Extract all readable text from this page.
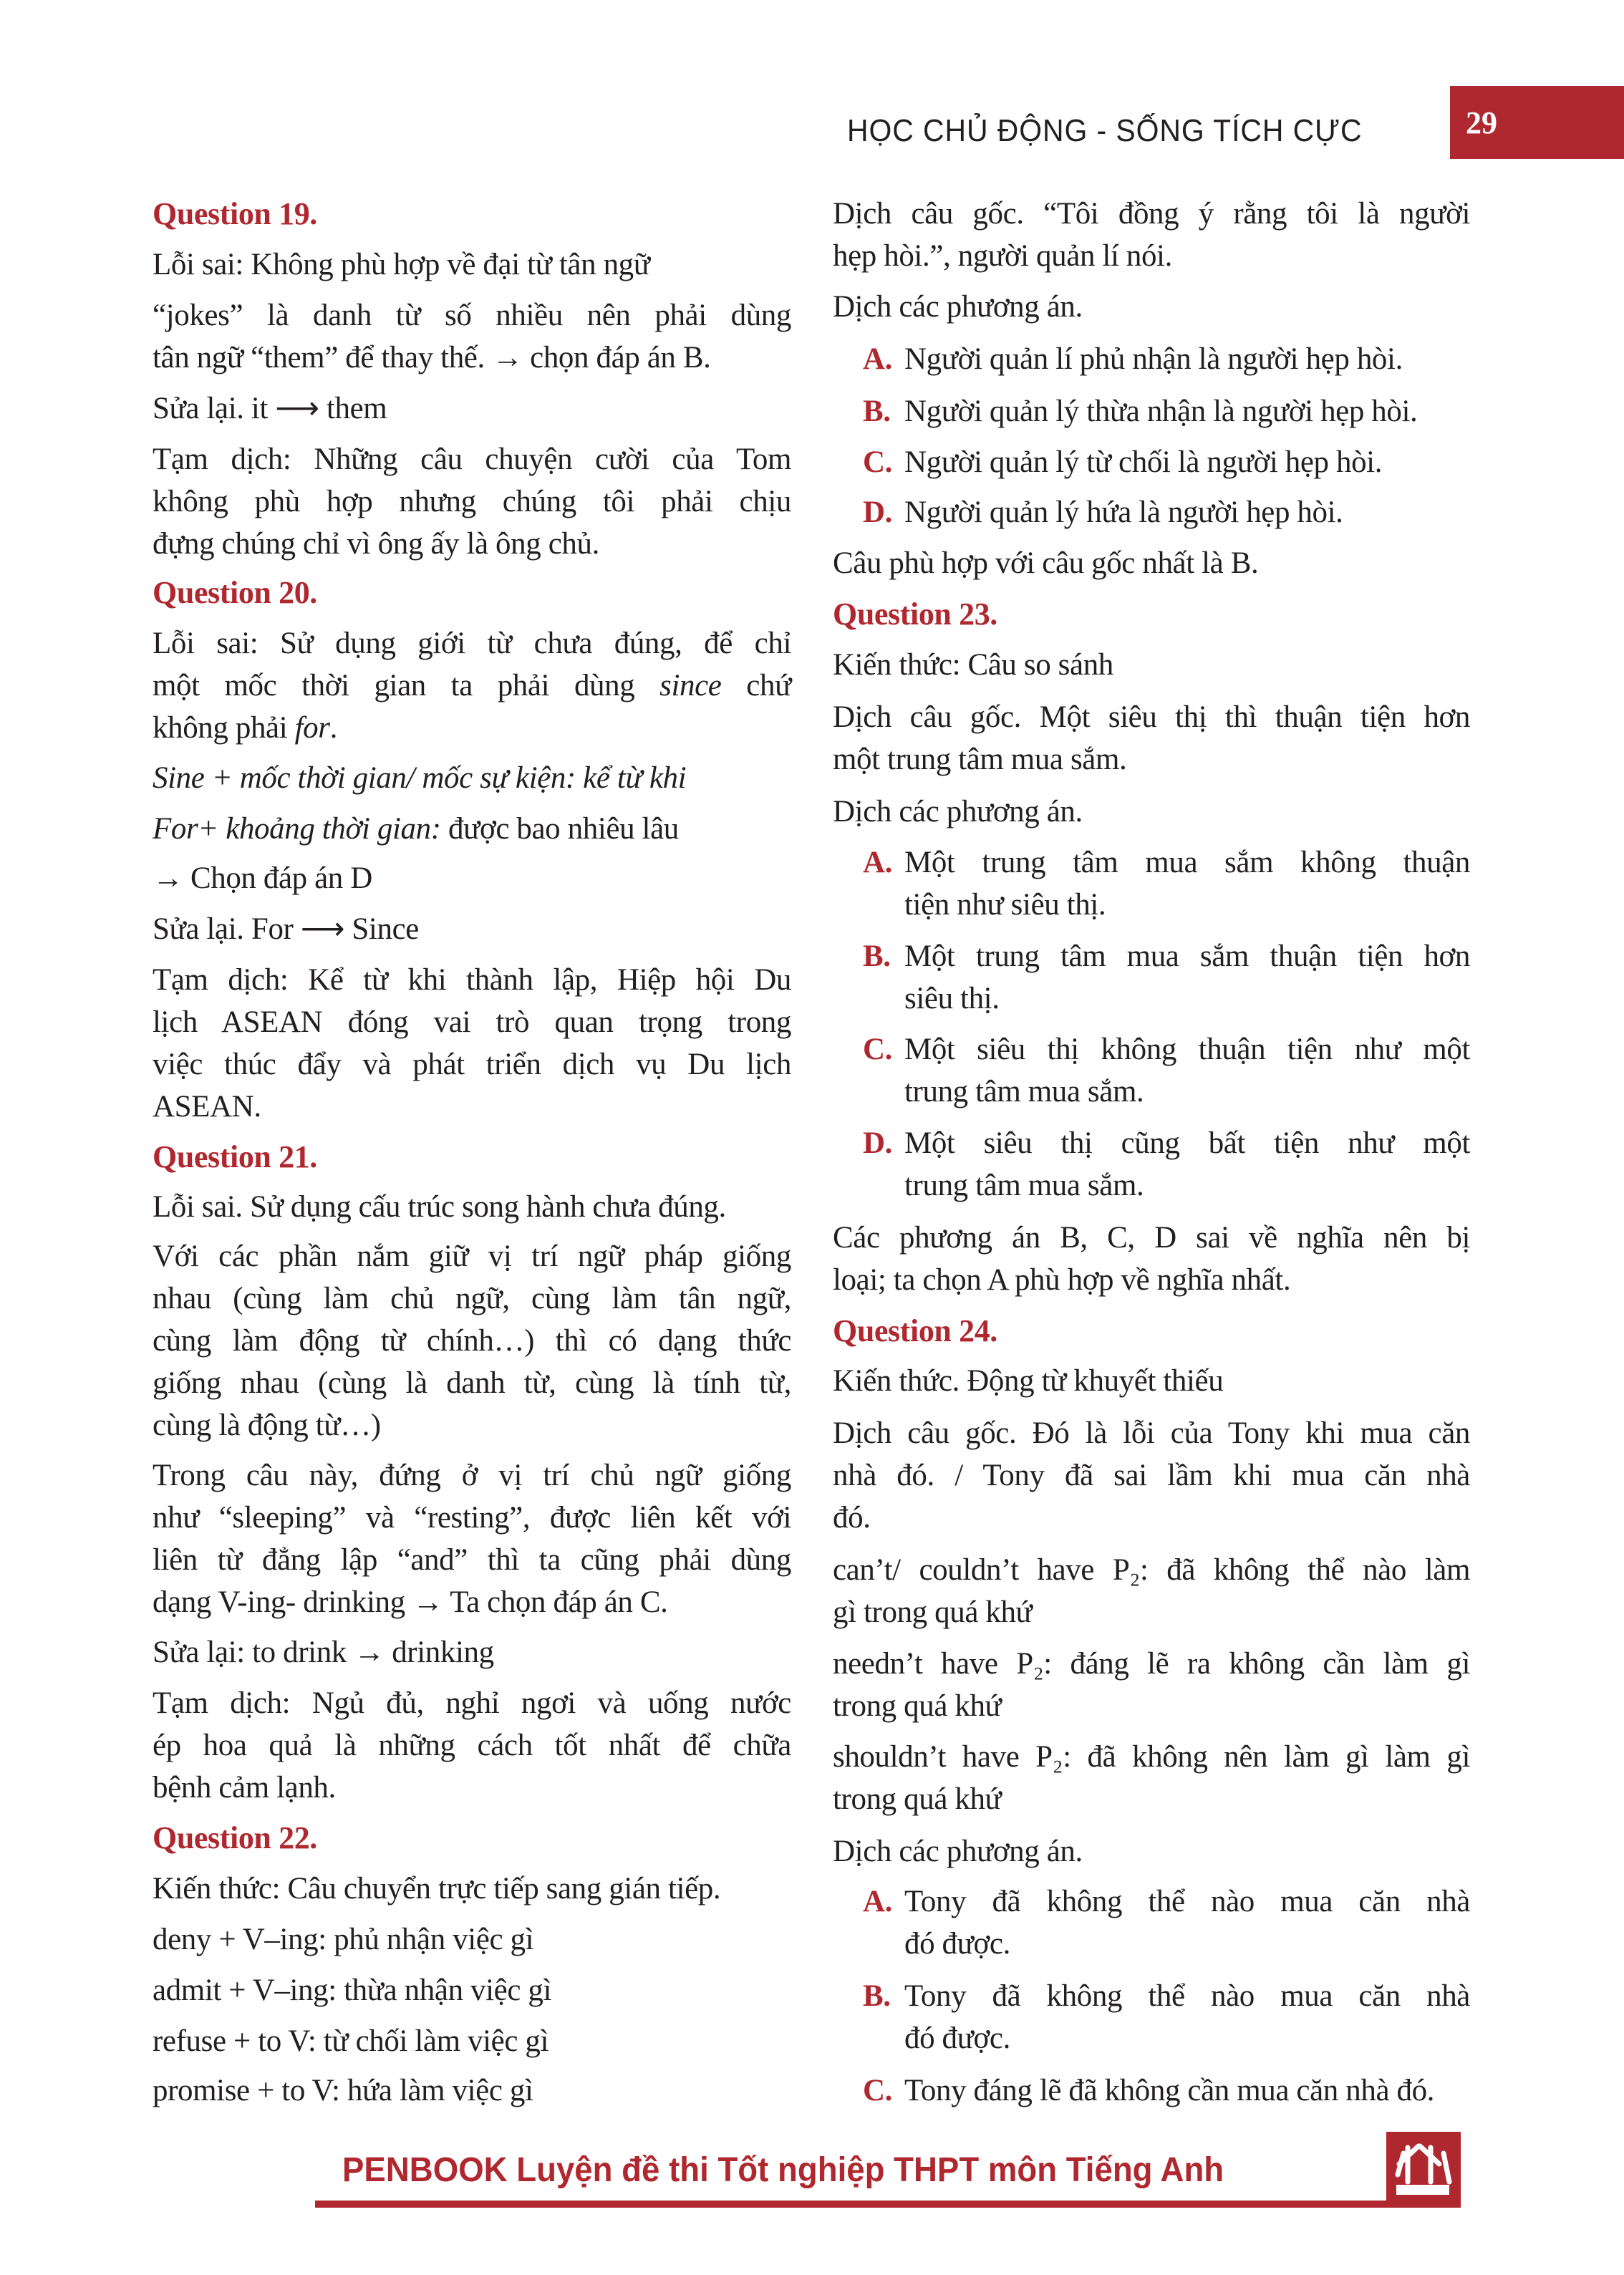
HỌC CHỦ ĐỘNG - SỐNG TÍCH CỰC	29
Question 19.
Lỗi sai: Không phù hợp về đại từ tân ngữ
“jokes” là danh từ số nhiều nên phải dùng
tân ngữ “them” để thay thế. → chọn đáp án B.
Sửa lại. it ⟶ them
Tạm dịch: Những câu chuyện cười của Tom
không phù hợp nhưng chúng tôi phải chịu
đựng chúng chỉ vì ông ấy là ông chủ.
Question 20.
Lỗi sai: Sử dụng giới từ chưa đúng, để chỉ
một mốc thời gian ta phải dùng since chứ
không phải for.
Sine + mốc thời gian/ mốc sự kiện: kể từ khi
For+ khoảng thời gian: được bao nhiêu lâu
→ Chọn đáp án D
Sửa lại. For ⟶ Since
Tạm dịch: Kể từ khi thành lập, Hiệp hội Du
lịch ASEAN đóng vai trò quan trọng trong
việc thúc đẩy và phát triển dịch vụ Du lịch
ASEAN.
Question 21.
Lỗi sai. Sử dụng cấu trúc song hành chưa đúng.
Với các phần nắm giữ vị trí ngữ pháp giống
nhau (cùng làm chủ ngữ, cùng làm tân ngữ,
cùng làm động từ chính…) thì có dạng thức
giống nhau (cùng là danh từ, cùng là tính từ,
cùng là động từ…)
Trong câu này, đứng ở vị trí chủ ngữ giống
như “sleeping” và “resting”, được liên kết với
liên từ đẳng lập “and” thì ta cũng phải dùng
dạng V-ing- drinking → Ta chọn đáp án C.
Sửa lại: to drink → drinking
Tạm dịch: Ngủ đủ, nghỉ ngơi và uống nước
ép hoa quả là những cách tốt nhất để chữa
bệnh cảm lạnh.
Question 22.
Kiến thức: Câu chuyển trực tiếp sang gián tiếp.
deny + V–ing: phủ nhận việc gì
admit + V–ing: thừa nhận việc gì
refuse + to V: từ chối làm việc gì
promise + to V: hứa làm việc gì
Dịch câu gốc. “Tôi đồng ý rằng tôi là người
hẹp hòi.”, người quản lí nói.
Dịch các phương án.
A. Người quản lí phủ nhận là người hẹp hòi.
B. Người quản lý thừa nhận là người hẹp hòi.
C. Người quản lý từ chối là người hẹp hòi.
D. Người quản lý hứa là người hẹp hòi.
Câu phù hợp với câu gốc nhất là B.
Question 23.
Kiến thức: Câu so sánh
Dịch câu gốc. Một siêu thị thì thuận tiện hơn
một trung tâm mua sắm.
Dịch các phương án.
A. Một trung tâm mua sắm không thuận
tiện như siêu thị.
B. Một trung tâm mua sắm thuận tiện hơn
siêu thị.
C. Một siêu thị không thuận tiện như một
trung tâm mua sắm.
D. Một siêu thị cũng bất tiện như một
trung tâm mua sắm.
Các phương án B, C, D sai về nghĩa nên bị
loại; ta chọn A phù hợp về nghĩa nhất.
Question 24.
Kiến thức. Động từ khuyết thiếu
Dịch câu gốc. Đó là lỗi của Tony khi mua căn
nhà đó. / Tony đã sai lầm khi mua căn nhà
đó.
can’t/ couldn’t have P₂: đã không thể nào làm
gì trong quá khứ
needn’t have P₂: đáng lẽ ra không cần làm gì
trong quá khứ
shouldn’t have P₂: đã không nên làm gì làm gì
trong quá khứ
Dịch các phương án.
A. Tony đã không thể nào mua căn nhà
đó được.
B. Tony đã không thể nào mua căn nhà
đó được.
C. Tony đáng lẽ đã không cần mua căn nhà đó.
PENBOOK Luyện đề thi Tốt nghiệp THPT môn Tiếng Anh
